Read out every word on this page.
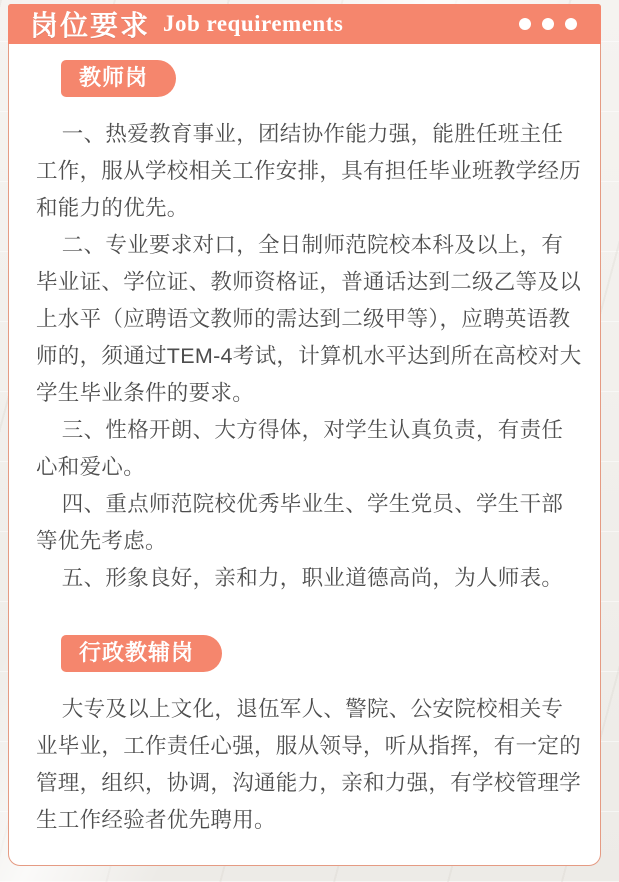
岗位要求 Job requirements
教师岗

一、热爱教育事业，团结协作能力强，能胜任班主任工作，服从学校相关工作安排，具有担任毕业班教学经历和能力的优先。

二、专业要求对口，全日制师范院校本科及以上，有毕业证、学位证、教师资格证，普通话达到二级乙等及以上水平（应聘语文教师的需达到二级甲等），应聘英语教师的，须通过TEM-4考试，计算机水平达到所在高校对大学生毕业条件的要求。

三、性格开朗、大方得体，对学生认真负责，有责任心和爱心。

四、重点师范院校优秀毕业生、学生党员、学生干部等优先考虑。

五、形象良好，亲和力，职业道德高尚，为人师表。

行政教辅岗

大专及以上文化，退伍军人、警院、公安院校相关专业毕业，工作责任心强，服从领导，听从指挥，有一定的管理，组织，协调，沟通能力，亲和力强，有学校管理学生工作经验者优先聘用。
